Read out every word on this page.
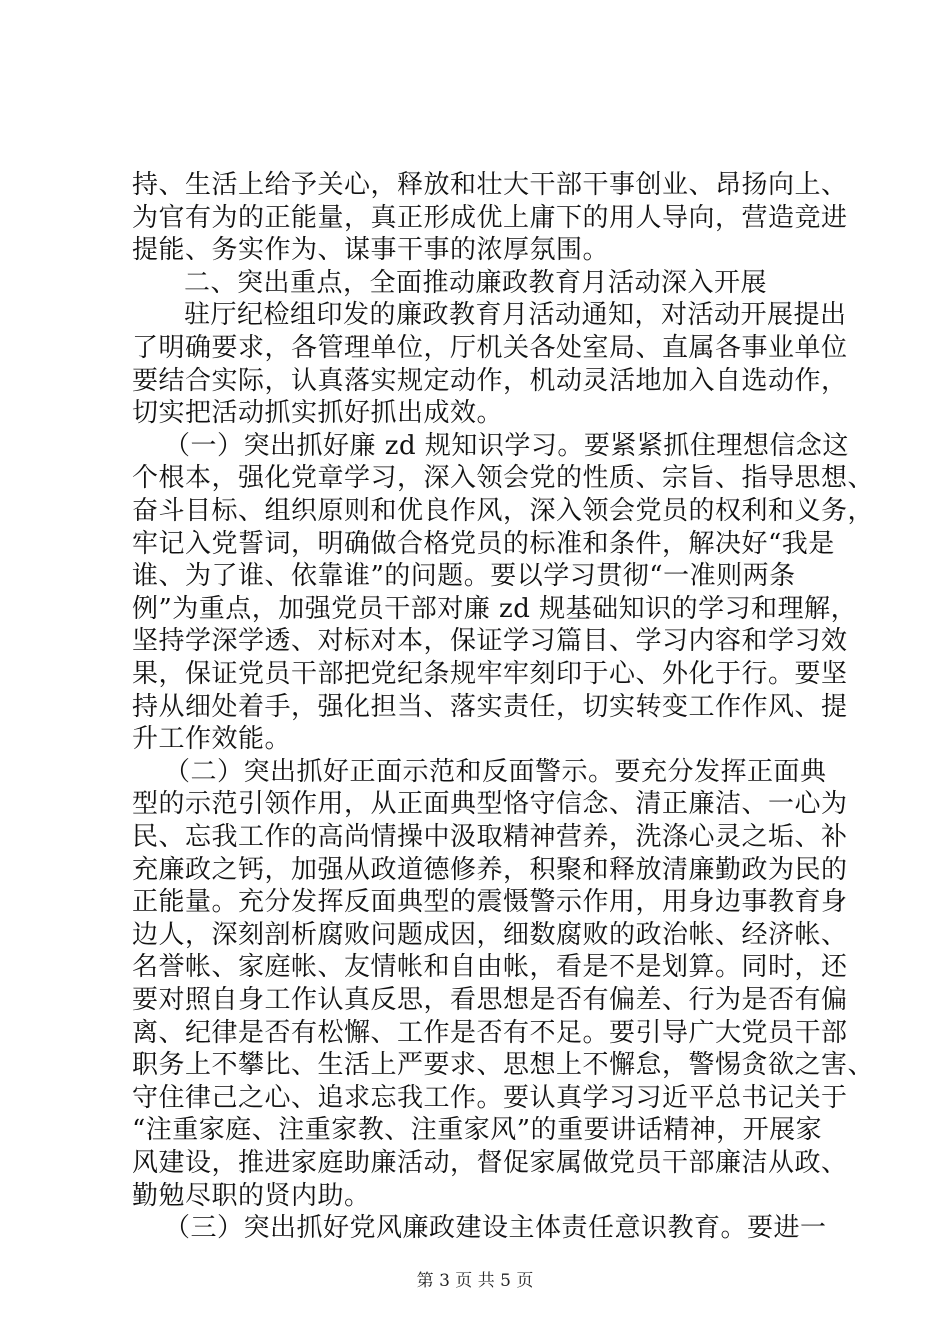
持、生活上给予关心，释放和壮大干部干事创业、昂扬向上、
为官有为的正能量，真正形成优上庸下的用人导向，营造竞进
提能、务实作为、谋事干事的浓厚氛围。
二、突出重点，全面推动廉政教育月活动深入开展
驻厅纪检组印发的廉政教育月活动通知，对活动开展提出
了明确要求，各管理单位，厅机关各处室局、直属各事业单位
要结合实际，认真落实规定动作，机动灵活地加入自选动作，
切实把活动抓实抓好抓出成效。
（一）突出抓好廉 zd 规知识学习。要紧紧抓住理想信念这
个根本，强化党章学习，深入领会党的性质、宗旨、指导思想、
奋斗目标、组织原则和优良作风，深入领会党员的权利和义务，
牢记入党誓词，明确做合格党员的标准和条件，解决好“我是
谁、为了谁、依靠谁”的问题。要以学习贯彻“一准则两条
例”为重点，加强党员干部对廉 zd 规基础知识的学习和理解，
坚持学深学透、对标对本，保证学习篇目、学习内容和学习效
果，保证党员干部把党纪条规牢牢刻印于心、外化于行。要坚
持从细处着手，强化担当、落实责任，切实转变工作作风、提
升工作效能。
（二）突出抓好正面示范和反面警示。要充分发挥正面典
型的示范引领作用，从正面典型恪守信念、清正廉洁、一心为
民、忘我工作的高尚情操中汲取精神营养，洗涤心灵之垢、补
充廉政之钙，加强从政道德修养，积聚和释放清廉勤政为民的
正能量。充分发挥反面典型的震慑警示作用，用身边事教育身
边人，深刻剖析腐败问题成因，细数腐败的政治帐、经济帐、
名誉帐、家庭帐、友情帐和自由帐，看是不是划算。同时，还
要对照自身工作认真反思，看思想是否有偏差、行为是否有偏
离、纪律是否有松懈、工作是否有不足。要引导广大党员干部
职务上不攀比、生活上严要求、思想上不懈怠，警惕贪欲之害、
守住律己之心、追求忘我工作。要认真学习习近平总书记关于
“注重家庭、注重家教、注重家风”的重要讲话精神，开展家
风建设，推进家庭助廉活动，督促家属做党员干部廉洁从政、
勤勉尽职的贤内助。
（三）突出抓好党风廉政建设主体责任意识教育。要进一
第 3 页 共 5 页
